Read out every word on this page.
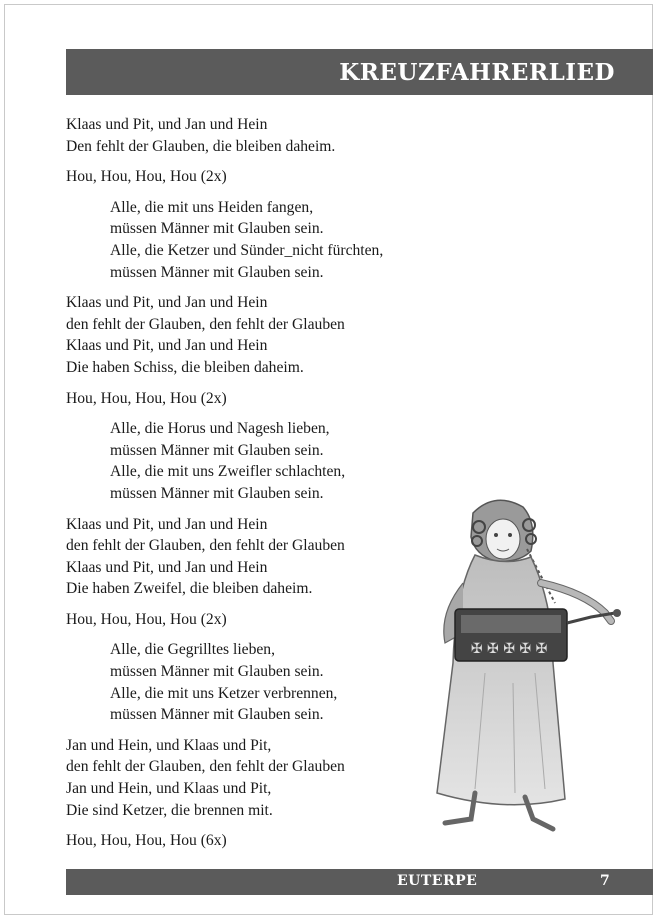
KREUZFAHRERLIED
Klaas und Pit, und Jan und Hein
Den fehlt der Glauben, die bleiben daheim.
Hou, Hou, Hou, Hou (2x)
Alle, die mit uns Heiden fangen,
müssen Männer mit Glauben sein.
Alle, die Ketzer und Sünder_nicht fürchten,
müssen Männer mit Glauben sein.
Klaas und Pit, und Jan und Hein
den fehlt der Glauben, den fehlt der Glauben
Klaas und Pit, und Jan und Hein
Die haben Schiss, die bleiben daheim.
Hou, Hou, Hou, Hou (2x)
Alle, die Horus und Nagesh lieben,
müssen Männer mit Glauben sein.
Alle, die mit uns Zweifler schlachten,
müssen Männer mit Glauben sein.
Klaas und Pit, und Jan und Hein
den fehlt der Glauben, den fehlt der Glauben
Klaas und Pit, und Jan und Hein
Die haben Zweifel, die bleiben daheim.
Hou, Hou, Hou, Hou (2x)
Alle, die Gegrilltes lieben,
müssen Männer mit Glauben sein.
Alle, die mit uns Ketzer verbrennen,
müssen Männer mit Glauben sein.
Jan und Hein, und Klaas und Pit,
den fehlt der Glauben, den fehlt der Glauben
Jan und Hein, und Klaas und Pit,
Die sind Ketzer, die brennen mit.
Hou, Hou, Hou, Hou (6x)
✠ ✠ ✠ ✠ ✠
EUTERPE	7
